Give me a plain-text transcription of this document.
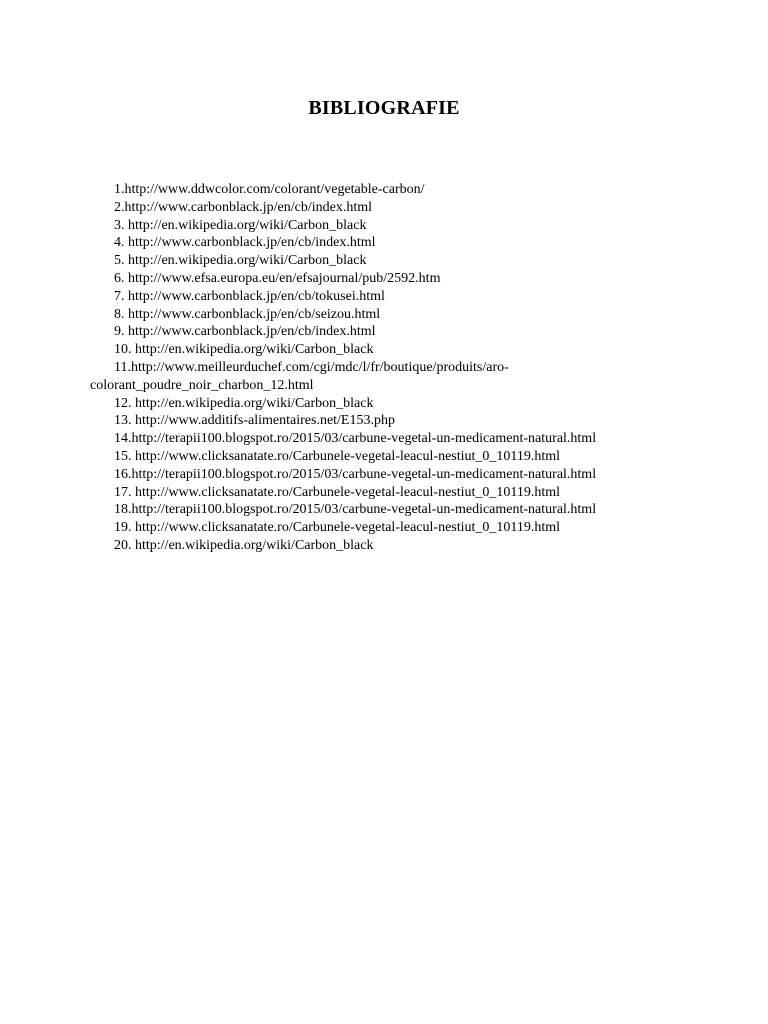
BIBLIOGRAFIE
1.http://www.ddwcolor.com/colorant/vegetable-carbon/
2.http://www.carbonblack.jp/en/cb/index.html
3. http://en.wikipedia.org/wiki/Carbon_black
4. http://www.carbonblack.jp/en/cb/index.html
5. http://en.wikipedia.org/wiki/Carbon_black
6. http://www.efsa.europa.eu/en/efsajournal/pub/2592.htm
7. http://www.carbonblack.jp/en/cb/tokusei.html
8. http://www.carbonblack.jp/en/cb/seizou.html
9. http://www.carbonblack.jp/en/cb/index.html
10. http://en.wikipedia.org/wiki/Carbon_black
11.http://www.meilleurduchef.com/cgi/mdc/l/fr/boutique/produits/aro-colorant_poudre_noir_charbon_12.html
12. http://en.wikipedia.org/wiki/Carbon_black
13. http://www.additifs-alimentaires.net/E153.php
14.http://terapii100.blogspot.ro/2015/03/carbune-vegetal-un-medicament-natural.html
15. http://www.clicksanatate.ro/Carbunele-vegetal-leacul-nestiut_0_10119.html
16.http://terapii100.blogspot.ro/2015/03/carbune-vegetal-un-medicament-natural.html
17. http://www.clicksanatate.ro/Carbunele-vegetal-leacul-nestiut_0_10119.html
18.http://terapii100.blogspot.ro/2015/03/carbune-vegetal-un-medicament-natural.html
19. http://www.clicksanatate.ro/Carbunele-vegetal-leacul-nestiut_0_10119.html
20. http://en.wikipedia.org/wiki/Carbon_black
